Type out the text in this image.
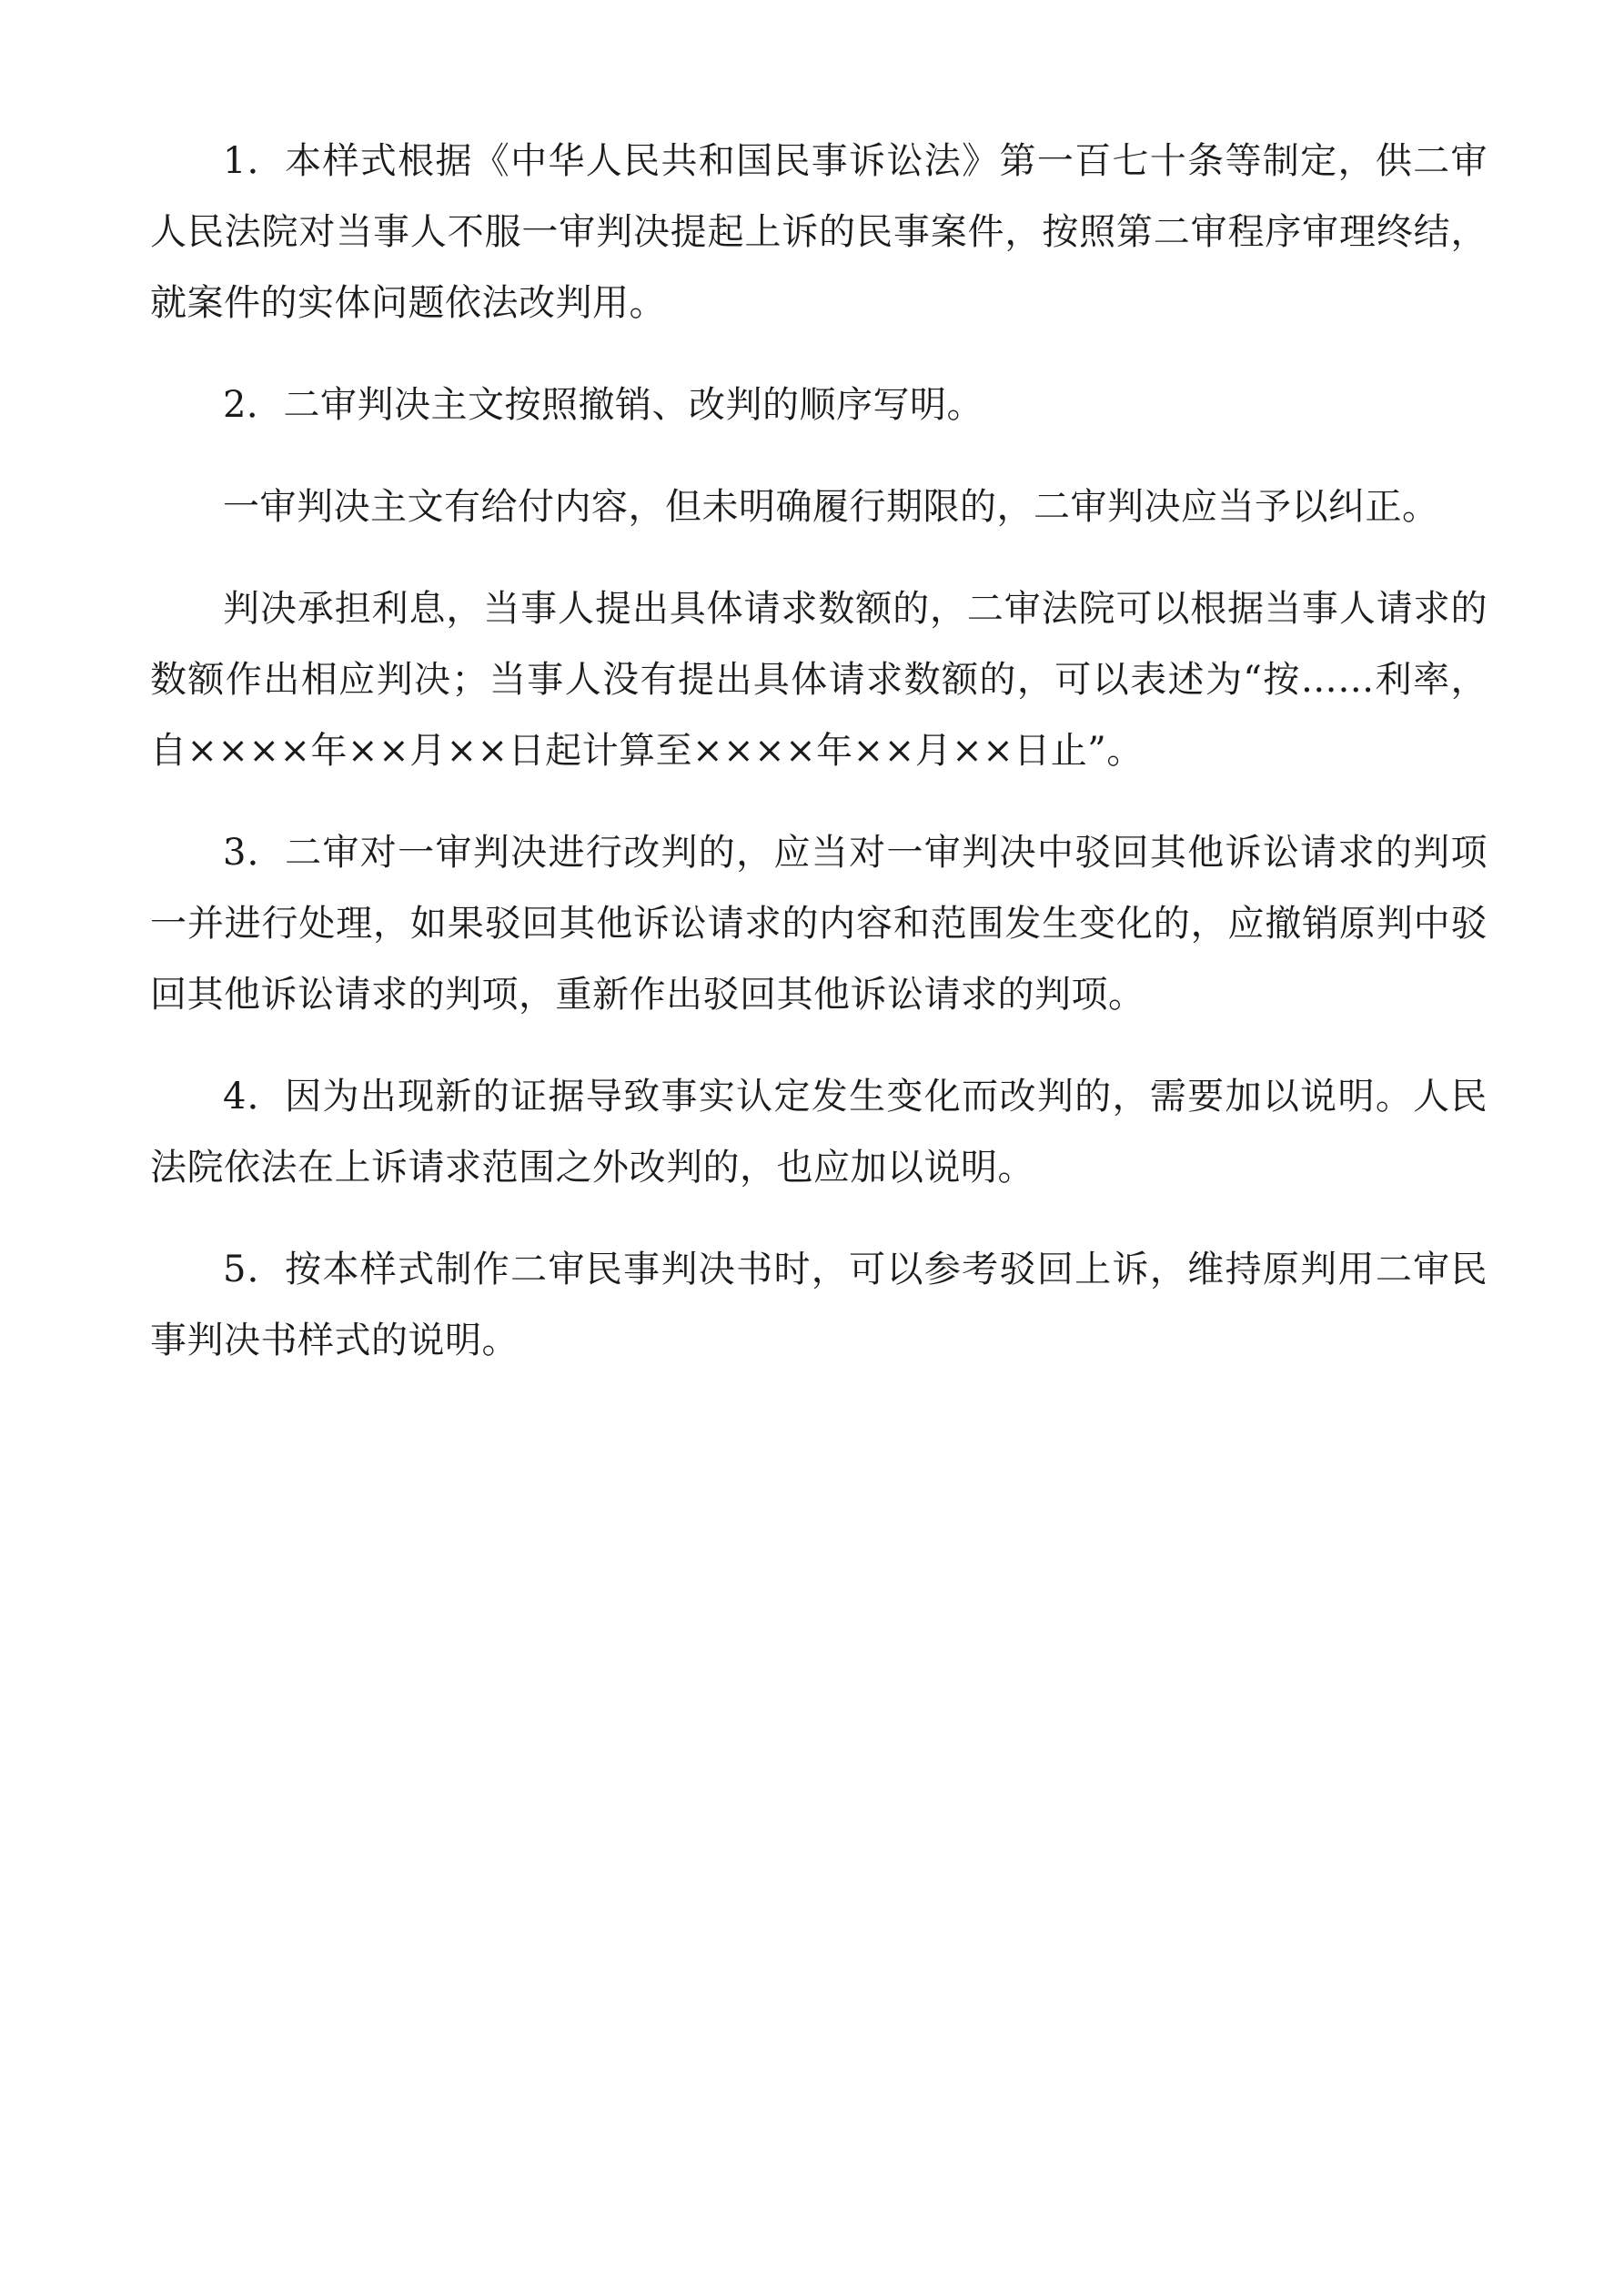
1．本样式根据《中华人民共和国民事诉讼法》第一百七十条等制定，供二审人民法院对当事人不服一审判决提起上诉的民事案件，按照第二审程序审理终结，就案件的实体问题依法改判用。

2．二审判决主文按照撤销、改判的顺序写明。

一审判决主文有给付内容，但未明确履行期限的，二审判决应当予以纠正。

判决承担利息，当事人提出具体请求数额的，二审法院可以根据当事人请求的数额作出相应判决；当事人没有提出具体请求数额的，可以表述为“按……利率，自××××年××月××日起计算至××××年××月××日止”。

3．二审对一审判决进行改判的，应当对一审判决中驳回其他诉讼请求的判项一并进行处理，如果驳回其他诉讼请求的内容和范围发生变化的，应撤销原判中驳回其他诉讼请求的判项，重新作出驳回其他诉讼请求的判项。

4．因为出现新的证据导致事实认定发生变化而改判的，需要加以说明。人民法院依法在上诉请求范围之外改判的，也应加以说明。

5．按本样式制作二审民事判决书时，可以参考驳回上诉，维持原判用二审民事判决书样式的说明。
